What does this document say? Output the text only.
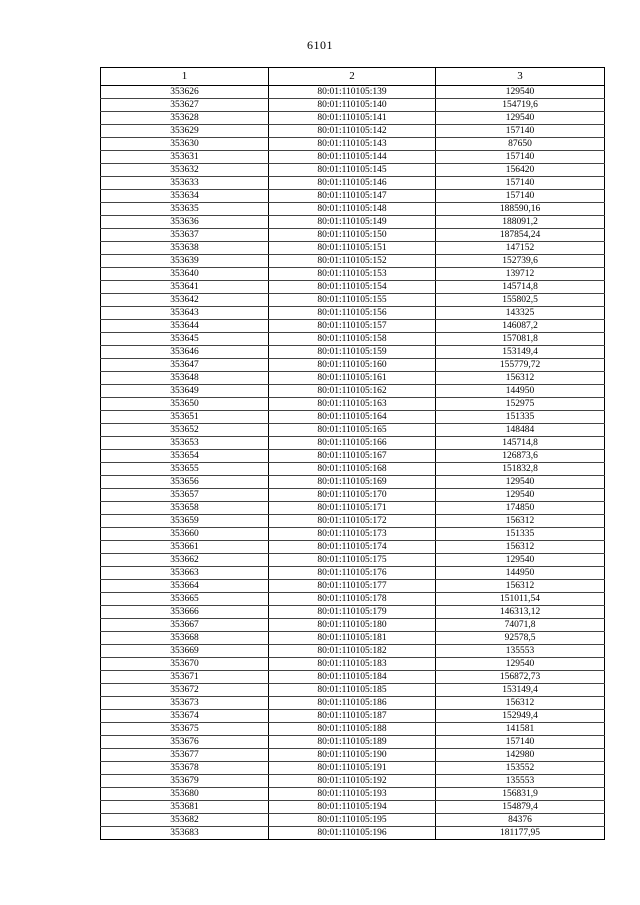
6101
1	2	3
353626	80:01:110105:139	129540
353627	80:01:110105:140	154719,6
353628	80:01:110105:141	129540
353629	80:01:110105:142	157140
353630	80:01:110105:143	87650
353631	80:01:110105:144	157140
353632	80:01:110105:145	156420
353633	80:01:110105:146	157140
353634	80:01:110105:147	157140
353635	80:01:110105:148	188590,16
353636	80:01:110105:149	188091,2
353637	80:01:110105:150	187854,24
353638	80:01:110105:151	147152
353639	80:01:110105:152	152739,6
353640	80:01:110105:153	139712
353641	80:01:110105:154	145714,8
353642	80:01:110105:155	155802,5
353643	80:01:110105:156	143325
353644	80:01:110105:157	146087,2
353645	80:01:110105:158	157081,8
353646	80:01:110105:159	153149,4
353647	80:01:110105:160	155779,72
353648	80:01:110105:161	156312
353649	80:01:110105:162	144950
353650	80:01:110105:163	152975
353651	80:01:110105:164	151335
353652	80:01:110105:165	148484
353653	80:01:110105:166	145714,8
353654	80:01:110105:167	126873,6
353655	80:01:110105:168	151832,8
353656	80:01:110105:169	129540
353657	80:01:110105:170	129540
353658	80:01:110105:171	174850
353659	80:01:110105:172	156312
353660	80:01:110105:173	151335
353661	80:01:110105:174	156312
353662	80:01:110105:175	129540
353663	80:01:110105:176	144950
353664	80:01:110105:177	156312
353665	80:01:110105:178	151011,54
353666	80:01:110105:179	146313,12
353667	80:01:110105:180	74071,8
353668	80:01:110105:181	92578,5
353669	80:01:110105:182	135553
353670	80:01:110105:183	129540
353671	80:01:110105:184	156872,73
353672	80:01:110105:185	153149,4
353673	80:01:110105:186	156312
353674	80:01:110105:187	152949,4
353675	80:01:110105:188	141581
353676	80:01:110105:189	157140
353677	80:01:110105:190	142980
353678	80:01:110105:191	153552
353679	80:01:110105:192	135553
353680	80:01:110105:193	156831,9
353681	80:01:110105:194	154879,4
353682	80:01:110105:195	84376
353683	80:01:110105:196	181177,95
